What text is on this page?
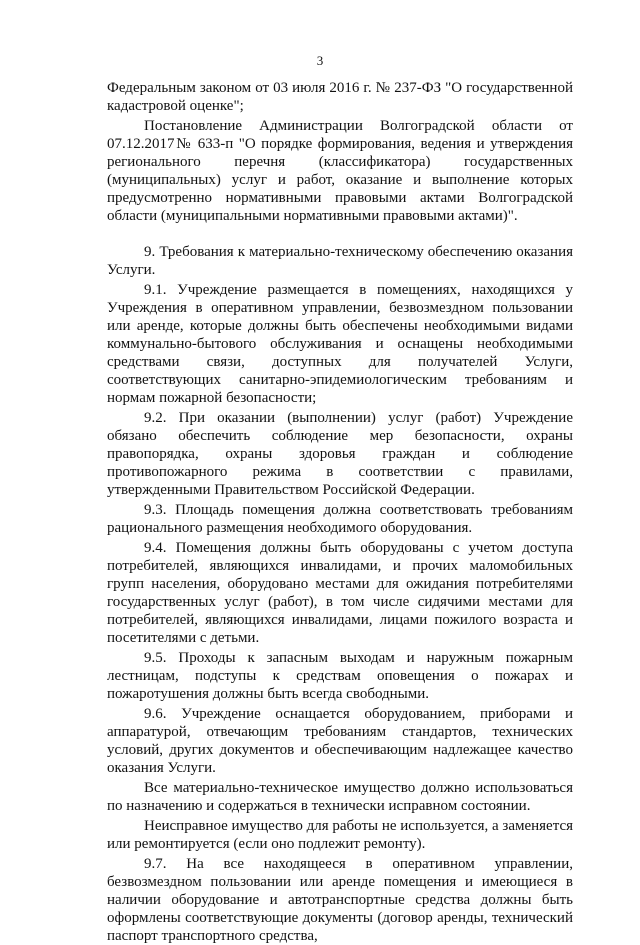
3

Федеральным законом от 03 июля 2016 г. № 237-ФЗ "О государственной кадастровой оценке";

Постановление Администрации Волгоградской области от 07.12.2017№ 633-п "О порядке формирования, ведения и утверждения регионального перечня (классификатора) государственных (муниципальных) услуг и работ, оказание и выполнение которых предусмотренно нормативными правовыми актами Волгоградской области (муниципальными нормативными правовыми актами)".

9. Требования к материально-техническому обеспечению оказания Услуги.

9.1. Учреждение размещается в помещениях, находящихся у Учреждения в оперативном управлении, безвозмездном пользовании или аренде, которые должны быть обеспечены необходимыми видами коммунально-бытового обслуживания и оснащены необходимыми средствами связи, доступных для получателей Услуги, соответствующих санитарно-эпидемиологическим требованиям и нормам пожарной безопасности;

9.2. При оказании (выполнении) услуг (работ) Учреждение обязано обеспечить соблюдение мер безопасности, охраны правопорядка, охраны здоровья граждан и соблюдение противопожарного режима в соответствии с правилами, утвержденными Правительством Российской Федерации.

9.3. Площадь помещения должна соответствовать требованиям рационального размещения необходимого оборудования.

9.4. Помещения должны быть оборудованы с учетом доступа потребителей, являющихся инвалидами, и прочих маломобильных групп населения, оборудовано местами для ожидания потребителями государственных услуг (работ), в том числе сидячими местами для потребителей, являющихся инвалидами, лицами пожилого возраста и посетителями с детьми.

9.5. Проходы к запасным выходам и наружным пожарным лестницам, подступы к средствам оповещения о пожарах и пожаротушения должны быть всегда свободными.

9.6. Учреждение оснащается оборудованием, приборами и аппаратурой, отвечающим требованиям стандартов, технических условий, других документов и обеспечивающим надлежащее качество оказания Услуги.

Все материально-техническое имущество должно использоваться по назначению и содержаться в технически исправном состоянии.

Неисправное имущество для работы не используется, а заменяется или ремонтируется (если оно подлежит ремонту).

9.7. На все находящееся в оперативном управлении, безвозмездном пользовании или аренде помещения и имеющиеся в наличии оборудование и автотранспортные средства должны быть оформлены соответствующие документы (договор аренды, технический паспорт транспортного средства,
